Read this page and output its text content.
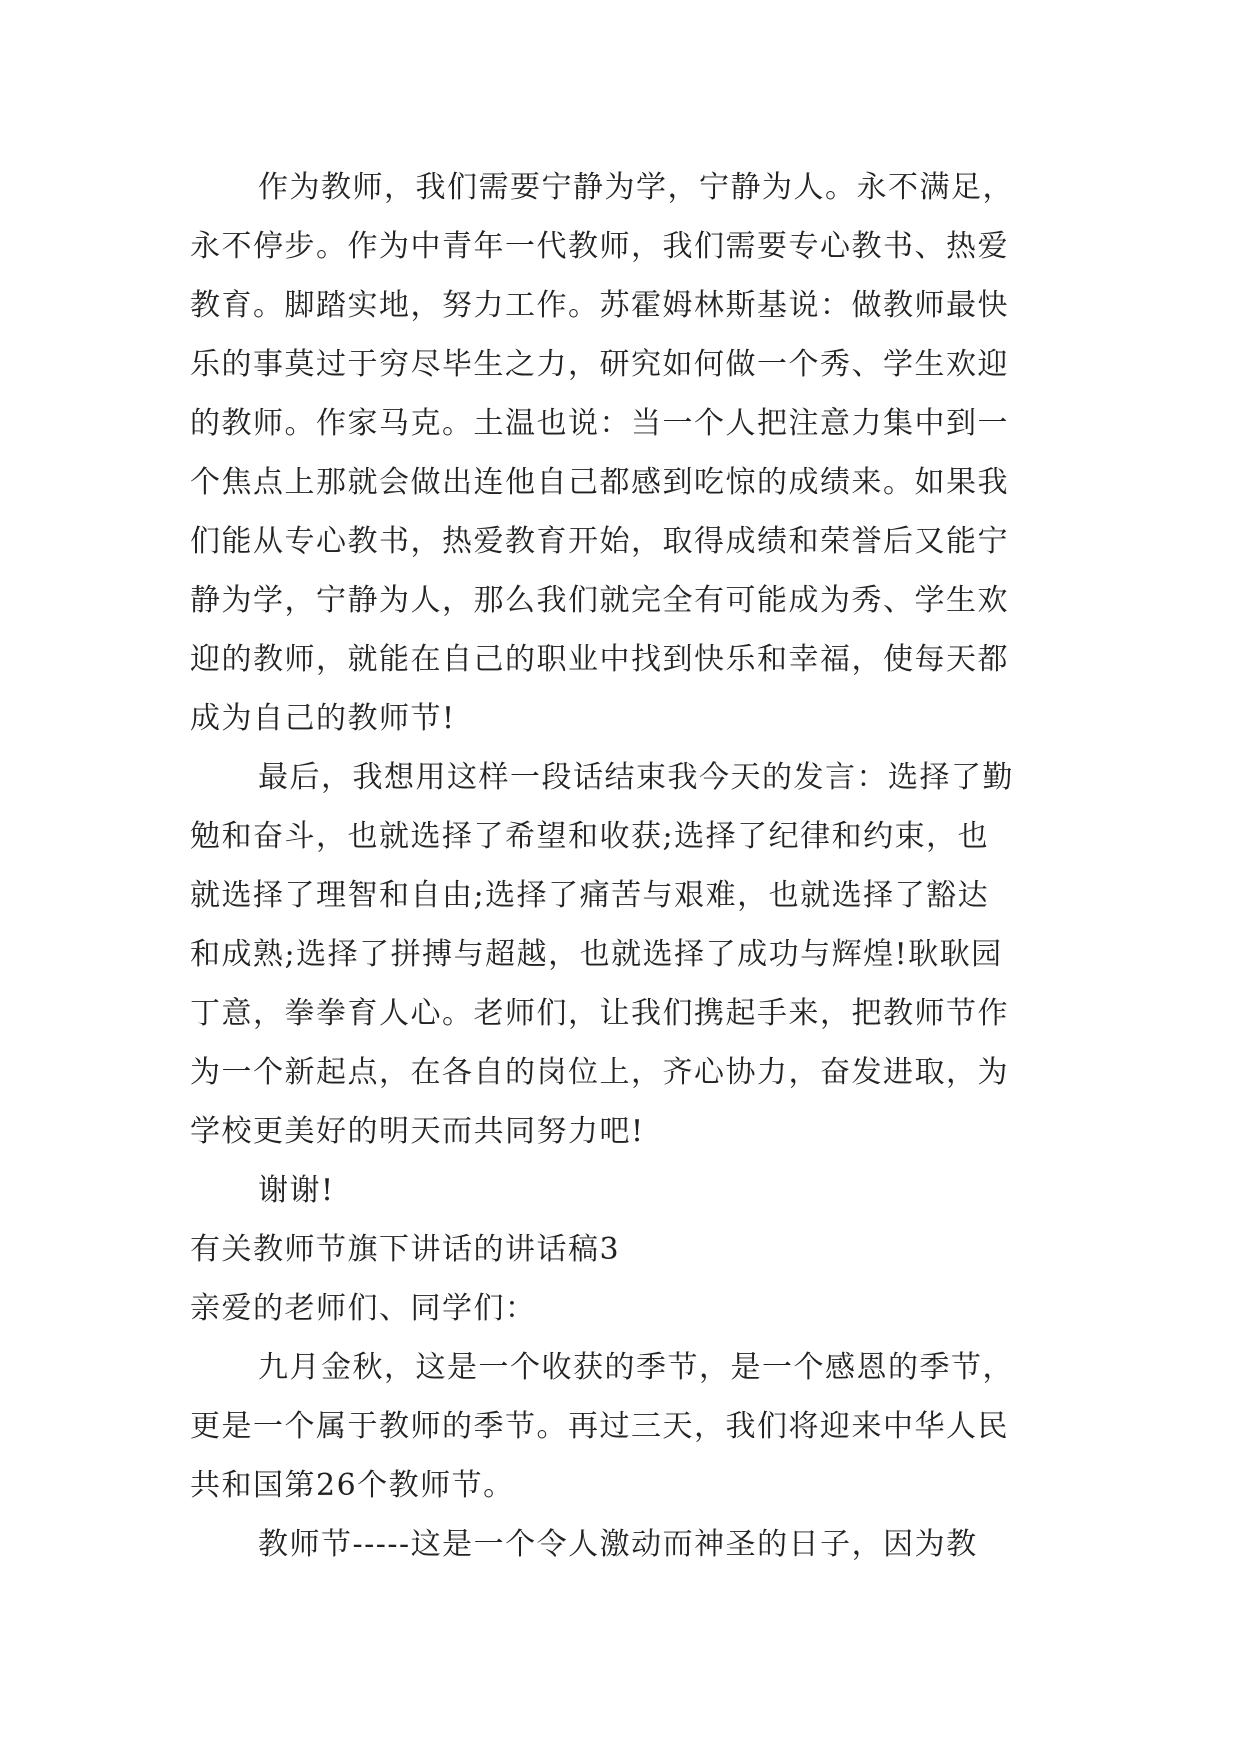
作为教师，我们需要宁静为学，宁静为人。永不满足，
永不停步。作为中青年一代教师，我们需要专心教书、热爱
教育。脚踏实地，努力工作。苏霍姆林斯基说：做教师最快
乐的事莫过于穷尽毕生之力，研究如何做一个秀、学生欢迎
的教师。作家马克。土温也说：当一个人把注意力集中到一
个焦点上那就会做出连他自己都感到吃惊的成绩来。如果我
们能从专心教书，热爱教育开始，取得成绩和荣誉后又能宁
静为学，宁静为人，那么我们就完全有可能成为秀、学生欢
迎的教师，就能在自己的职业中找到快乐和幸福，使每天都
成为自己的教师节!
最后，我想用这样一段话结束我今天的发言：选择了勤
勉和奋斗，也就选择了希望和收获;选择了纪律和约束，也
就选择了理智和自由;选择了痛苦与艰难，也就选择了豁达
和成熟;选择了拼搏与超越，也就选择了成功与辉煌!耿耿园
丁意，拳拳育人心。老师们，让我们携起手来，把教师节作
为一个新起点，在各自的岗位上，齐心协力，奋发进取，为
学校更美好的明天而共同努力吧!
谢谢!
有关教师节旗下讲话的讲话稿3
亲爱的老师们、同学们：
九月金秋，这是一个收获的季节，是一个感恩的季节，
更是一个属于教师的季节。再过三天，我们将迎来中华人民
共和国第26个教师节。
教师节-----这是一个令人激动而神圣的日子，因为教
